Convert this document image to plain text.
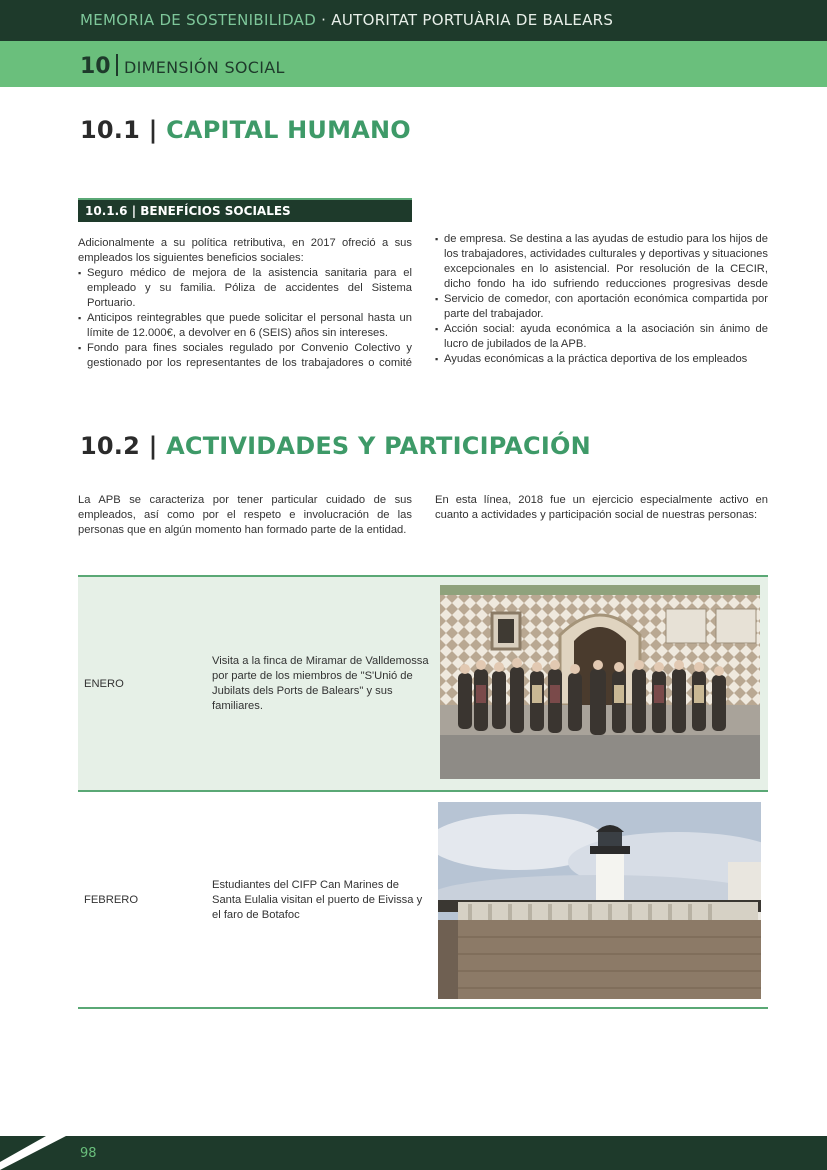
MEMORIA DE SOSTENIBILIDAD · AUTORITAT PORTUÀRIA DE BALEARS
10 DIMENSIÓN SOCIAL
10.1 | CAPITAL HUMANO
10.1.6 | BENEFÍCIOS SOCIALES

Adicionalmente a su política retributiva, en 2017 ofreció a sus empleados los siguientes beneficios sociales:

▪ Seguro médico de mejora de la asistencia sanitaria para el empleado y su familia. Póliza de accidentes del Sistema Portuario.
▪ Anticipos reintegrables que puede solicitar el personal hasta un límite de 12.000€, a devolver en 6 (SEIS) años sin intereses.
▪ Fondo para fines sociales regulado por Convenio Colectivo y gestionado por los representantes de los trabajadores o comité
▪ de empresa. Se destina a las ayudas de estudio para los hijos de los trabajadores, actividades culturales y deportivas y situaciones excepcionales en lo asistencial. Por resolución de la CECIR, dicho fondo ha ido sufriendo reducciones progresivas desde
▪ Servicio de comedor, con aportación económica compartida por parte del trabajador.
▪ Acción social: ayuda económica a la asociación sin ánimo de lucro de jubilados de la APB.
▪ Ayudas económicas a la práctica deportiva de los empleados
10.2 | ACTIVIDADES Y PARTICIPACIÓN
La APB se caracteriza por tener particular cuidado de sus empleados, así como por el respeto e involucración de las personas que en algún momento han formado parte de la entidad.
En esta línea, 2018 fue un ejercicio especialmente activo en cuanto a actividades y participación social de nuestras personas:
ENERO
Visita a la finca de Miramar de Valldemossa por parte de los miembros de "S'Unió de Jubilats dels Ports de Balears" y sus familiares.
FEBRERO
Estudiantes del CIFP Can Marines de Santa Eulalia visitan el puerto de Eivissa y el faro de Botafoc
98
